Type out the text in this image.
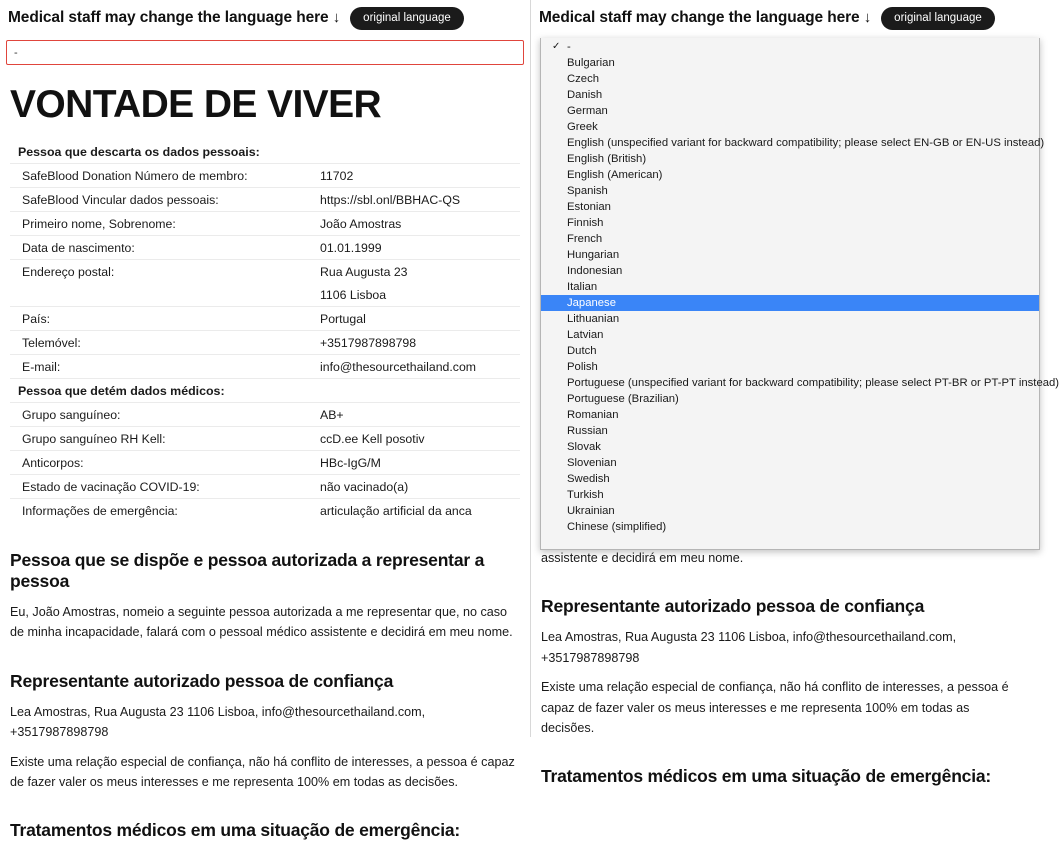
Medical staff may change the language here ↓	original language
-
VONTADE DE VIVER
Pessoa que descarta os dados pessoais:	
SafeBlood Donation Número de membro:	11702
SafeBlood Vincular dados pessoais:	https://sbl.onl/BBHAC-QS
Primeiro nome, Sobrenome:	João Amostras
Data de nascimento:	01.01.1999
Endereço postal:	Rua Augusta 23
	1106 Lisboa
País:	Portugal
Telemóvel:	+3517987898798
E-mail:	info@thesourcethailand.com
Pessoa que detém dados médicos:	
Grupo sanguíneo:	AB+
Grupo sanguíneo RH Kell:	ccD.ee Kell posotiv
Anticorpos:	HBc-IgG/M
Estado de vacinação COVID-19:	não vacinado(a)
Informações de emergência:	articulação artificial da anca
Pessoa que se dispõe e pessoa autorizada a representar a pessoa

Eu, João Amostras, nomeio a seguinte pessoa autorizada a me representar que, no caso de minha incapacidade, falará com o pessoal médico assistente e decidirá em meu nome.

Representante autorizado pessoa de confiança

Lea Amostras, Rua Augusta 23 1106 Lisboa, info@thesourcethailand.com, +3517987898798

Existe uma relação especial de confiança, não há conflito de interesses, a pessoa é capaz de fazer valer os meus interesses e me representa 100% em todas as decisões.

Tratamentos médicos em uma situação de emergência:
Medical staff may change the language here ↓	original language

assistente e decidirá em meu nome.

Representante autorizado pessoa de confiança

Lea Amostras, Rua Augusta 23 1106 Lisboa, info@thesourcethailand.com, +3517987898798

Existe uma relação especial de confiança, não há conflito de interesses, a pessoa é capaz de fazer valer os meus interesses e me representa 100% em todas as decisões.

Tratamentos médicos em uma situação de emergência:
✓ -
Bulgarian
Czech
Danish
German
Greek
English (unspecified variant for backward compatibility; please select EN-GB or EN-US instead)
English (British)
English (American)
Spanish
Estonian
Finnish
French
Hungarian
Indonesian
Italian
Japanese
Lithuanian
Latvian
Dutch
Polish
Portuguese (unspecified variant for backward compatibility; please select PT-BR or PT-PT instead)
Portuguese (Brazilian)
Romanian
Russian
Slovak
Slovenian
Swedish
Turkish
Ukrainian
Chinese (simplified)
